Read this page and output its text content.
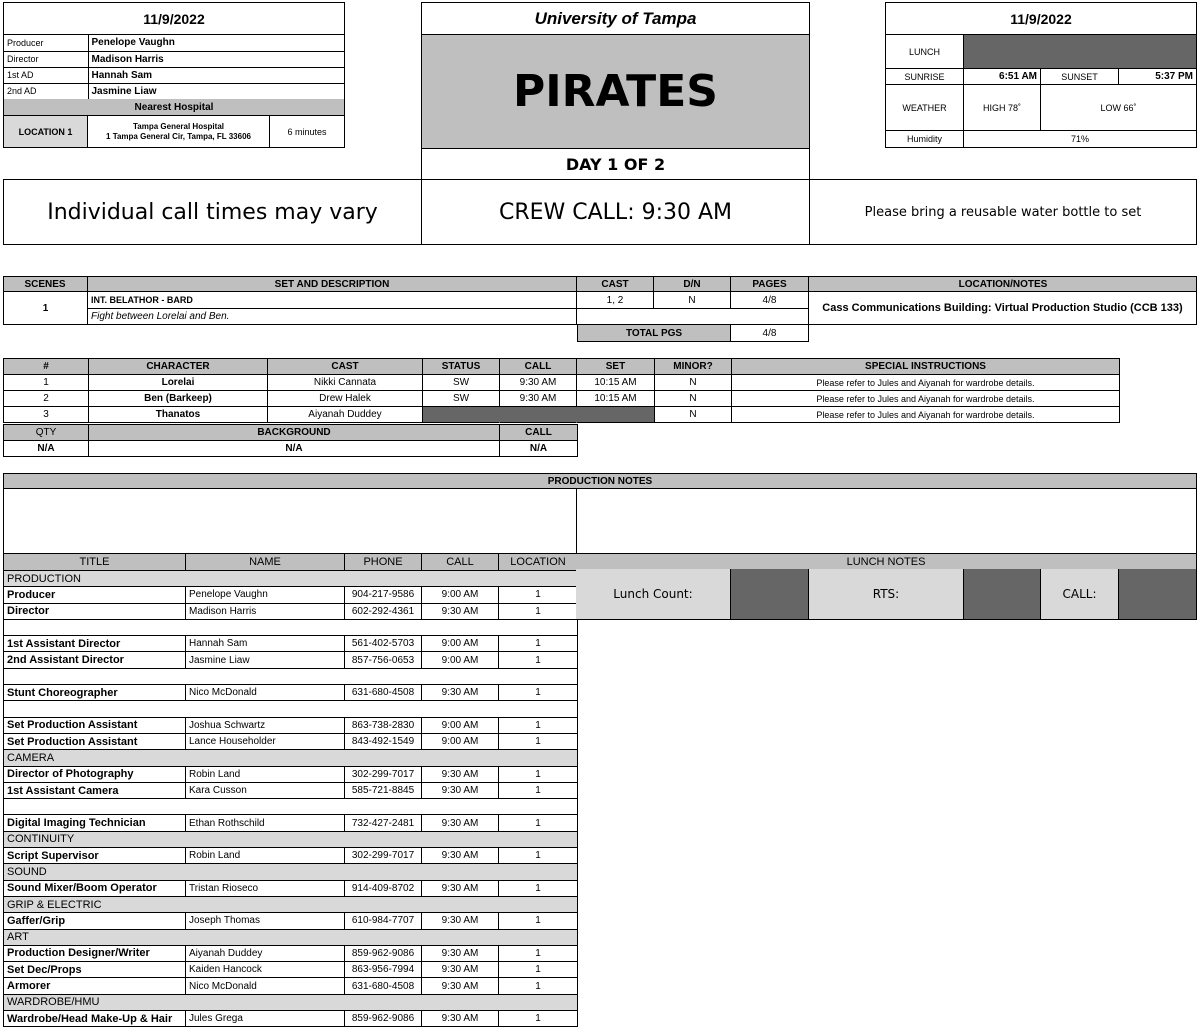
11/9/2022
Producer	Penelope Vaughn
Director	Madison Harris
1st AD	Hannah Sam
2nd AD	Jasmine Liaw
Nearest Hospital
LOCATION 1	Tampa General Hospital
1 Tampa General Cir, Tampa, FL 33606	6 minutes
University of Tampa
PIRATES
DAY 1 OF 2
11/9/2022
LUNCH
SUNRISE	6:51 AM	SUNSET	5:37 PM
WEATHER	HIGH 78˚	LOW 66˚
Humidity	71%
Individual call times may vary	CREW CALL: 9:30 AM	Please bring a reusable water bottle to set
SCENES	SET AND DESCRIPTION	CAST	D/N	PAGES	LOCATION/NOTES
1
INT. BELATHOR - BARD
Fight between Lorelai and Ben.
1, 2	N	4/8
Cass Communications Building: Virtual Production Studio (CCB 133)
TOTAL PGS	4/8
#	CHARACTER	CAST	STATUS	CALL	SET	MINOR?	SPECIAL INSTRUCTIONS
1	Lorelai	Nikki Cannata	SW	9:30 AM	10:15 AM	N	Please refer to Jules and Aiyanah for wardrobe details.
2	Ben (Barkeep)	Drew Halek	SW	9:30 AM	10:15 AM	N	Please refer to Jules and Aiyanah for wardrobe details.
3	Thanatos	Aiyanah Duddey				N	Please refer to Jules and Aiyanah for wardrobe details.
QTY	BACKGROUND	CALL
N/A	N/A	N/A
PRODUCTION NOTES
TITLE	NAME	PHONE	CALL	LOCATION
PRODUCTION				
Producer	Penelope Vaughn	904-217-9586	9:00 AM	1
Director	Madison Harris	602-292-4361	9:30 AM	1

1st Assistant Director	Hannah Sam	561-402-5703	9:00 AM	1
2nd Assistant Director	Jasmine Liaw	857-756-0653	9:00 AM	1

Stunt Choreographer	Nico McDonald	631-680-4508	9:30 AM	1

Set Production Assistant	Joshua Schwartz	863-738-2830	9:00 AM	1
Set Production Assistant	Lance Householder	843-492-1549	9:00 AM	1
CAMERA				
Director of Photography	Robin Land	302-299-7017	9:30 AM	1
1st Assistant Camera	Kara Cusson	585-721-8845	9:30 AM	1

Digital Imaging Technician	Ethan Rothschild	732-427-2481	9:30 AM	1
CONTINUITY				
Script Supervisor	Robin Land	302-299-7017	9:30 AM	1
SOUND				
Sound Mixer/Boom Operator	Tristan Rioseco	914-409-8702	9:30 AM	1
GRIP & ELECTRIC				
Gaffer/Grip	Joseph Thomas	610-984-7707	9:30 AM	1
ART				
Production Designer/Writer	Aiyanah Duddey	859-962-9086	9:30 AM	1
Set Dec/Props	Kaiden Hancock	863-956-7994	9:30 AM	1
Armorer	Nico McDonald	631-680-4508	9:30 AM	1
WARDROBE/HMU				
Wardrobe/Head Make-Up & Hair	Jules Grega	859-962-9086	9:30 AM	1
LUNCH NOTES
Lunch Count:	RTS:	CALL:
